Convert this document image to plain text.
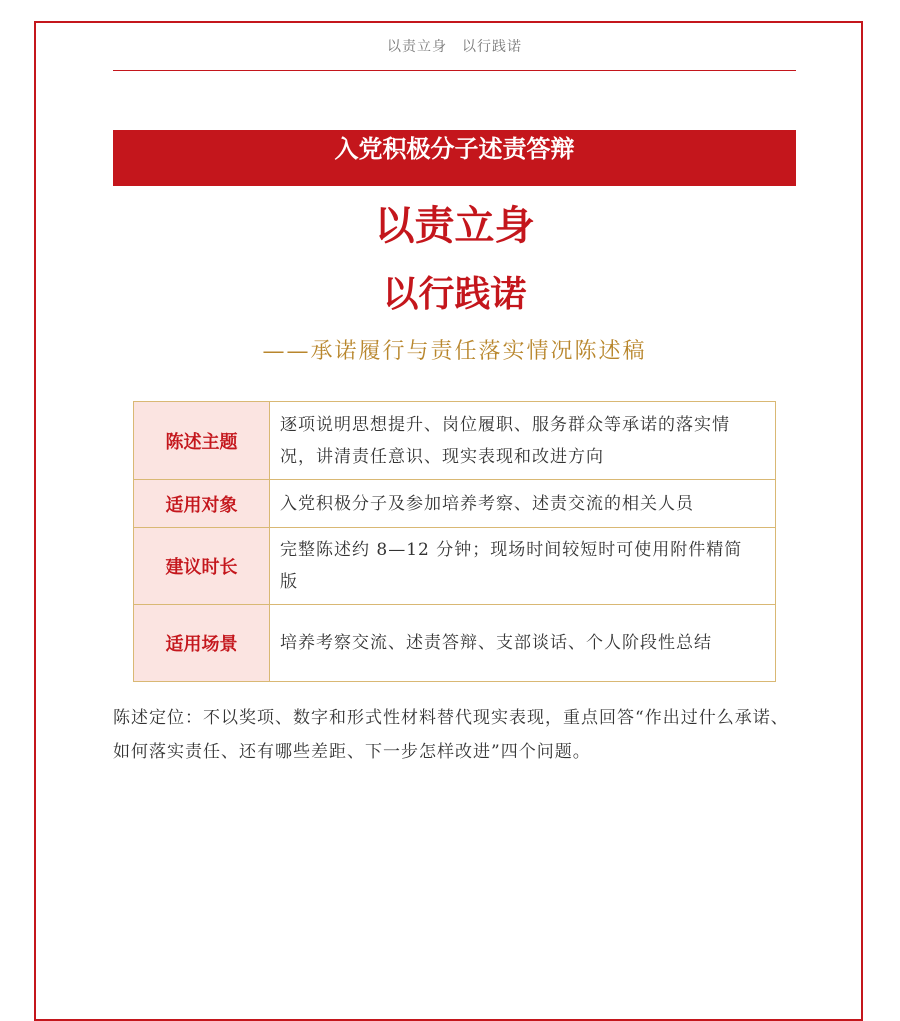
以责立身　以行践诺
入党积极分子述责答辩
以责立身
以行践诺
——承诺履行与责任落实情况陈述稿
陈述主题	逐项说明思想提升、岗位履职、服务群众等承诺的落实情况，讲清责任意识、现实表现和改进方向
适用对象	入党积极分子及参加培养考察、述责交流的相关人员
建议时长	完整陈述约 8—12 分钟；现场时间较短时可使用附件精简版
适用场景	培养考察交流、述责答辩、支部谈话、个人阶段性总结
陈述定位：不以奖项、数字和形式性材料替代现实表现，重点回答“作出过什么承诺、如何落实责任、还有哪些差距、下一步怎样改进”四个问题。
